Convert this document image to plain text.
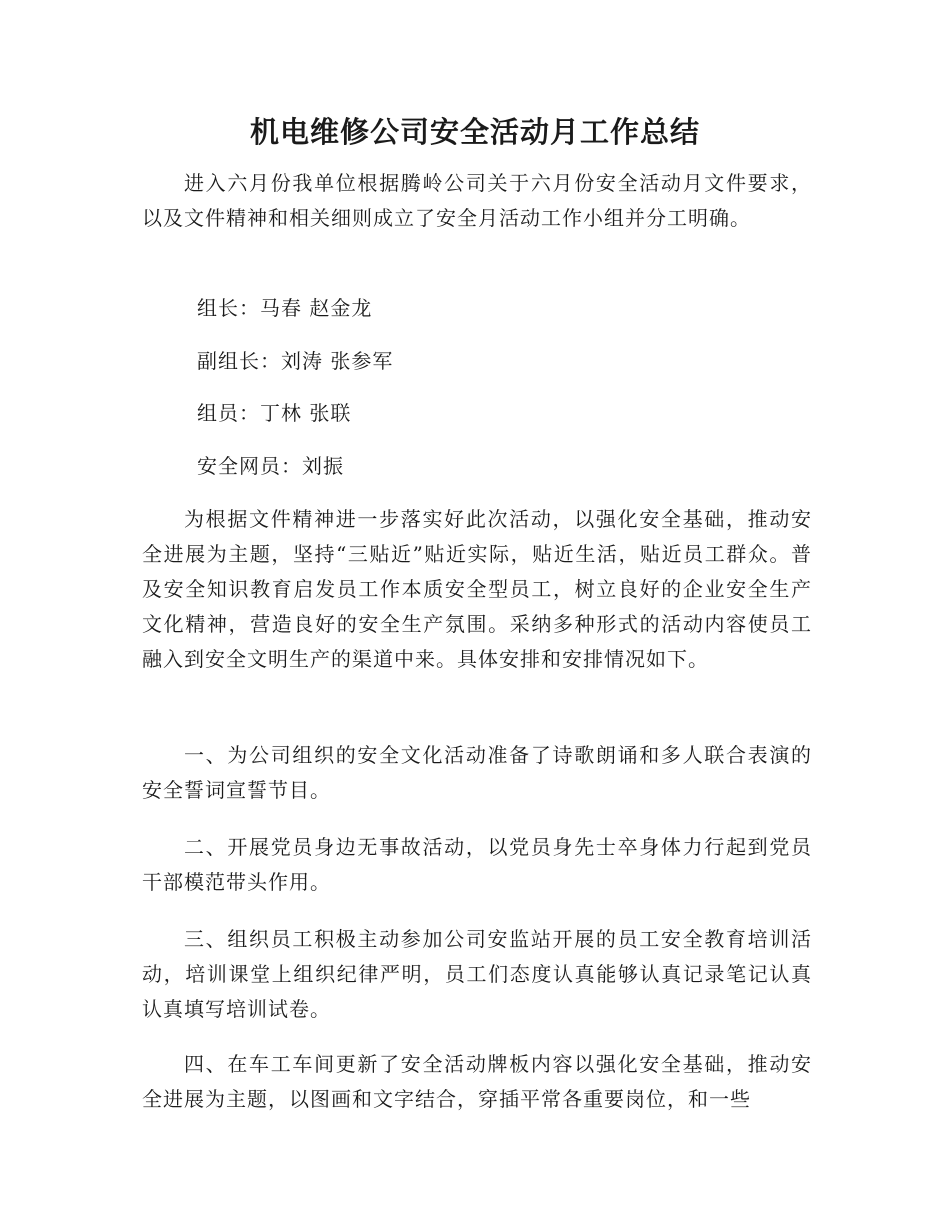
机电维修公司安全活动月工作总结
进入六月份我单位根据腾岭公司关于六月份安全活动月文件要求，以及文件精神和相关细则成立了安全月活动工作小组并分工明确。
组长：马春 赵金龙
副组长：刘涛 张参军
组员：丁林 张联
安全网员：刘振
为根据文件精神进一步落实好此次活动，以强化安全基础，推动安全进展为主题，坚持“三贴近”贴近实际，贴近生活，贴近员工群众。普及安全知识教育启发员工作本质安全型员工，树立良好的企业安全生产文化精神，营造良好的安全生产氛围。采纳多种形式的活动内容使员工融入到安全文明生产的渠道中来。具体安排和安排情况如下。
一、为公司组织的安全文化活动准备了诗歌朗诵和多人联合表演的安全誓词宣誓节目。
二、开展党员身边无事故活动，以党员身先士卒身体力行起到党员干部模范带头作用。
三、组织员工积极主动参加公司安监站开展的员工安全教育培训活动，培训课堂上组织纪律严明，员工们态度认真能够认真记录笔记认真认真填写培训试卷。
四、在车工车间更新了安全活动牌板内容以强化安全基础，推动安全进展为主题，以图画和文字结合，穿插平常各重要岗位，和一些
